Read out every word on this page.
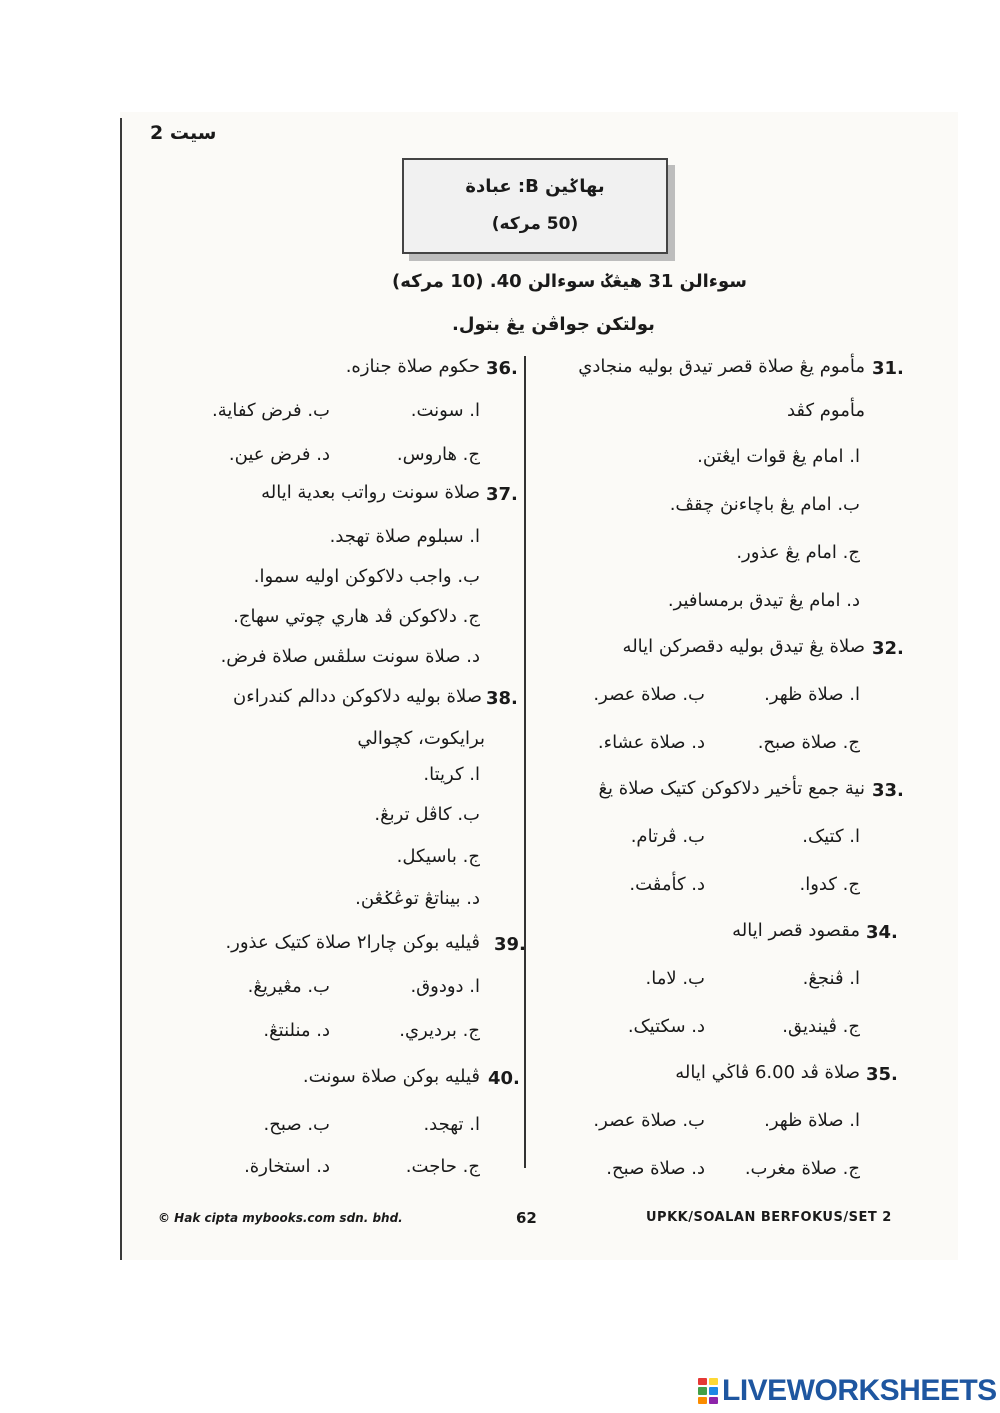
سيت 2
بهاݢين B: عبادة
(50 مركه)
سوءالن 31 هيڠݢ سوءالن 40. (10 مركه)
بولتكن جواڤن يڠ بتول.
31.
مأموم يڠ صلاة قصر تيدق بوليه منجادي
مأموم كڤد
ا. امام يڠ قوات ايڠتن.
ب. امام يڠ باچاءنڽ چقڤ.
ج. امام يڠ عذور.
د. امام يڠ تيدق برمسافير.
32.
صلاة يڠ تيدق بوليه دقصركن اياله
ا. صلاة ظهر.
ب. صلاة عصر.
ج. صلاة صبح.
د. صلاة عشاء.
33.
نية جمع تأخير دلاكوكن كتيک صلاة يڠ
ا. كتيک.
ب. ڤرتام.
ج. كدوا.
د. كأمڤت.
34.
مقصود قصر اياله
ا. ڤنجڠ.
ب. لاما.
ج. ڤينديق.
د. سكتيک.
35.
صلاة ڤد 6.00 ڤاڬي اياله
ا. صلاة ظهر.
ب. صلاة عصر.
ج. صلاة مغرب.
د. صلاة صبح.
36.
حكوم صلاة جنازه.
ا. سونت.
ب. فرض كفاية.
ج. هاروس.
د. فرض عين.
37.
صلاة سونت رواتب بعدية اياله
ا. سبلوم صلاة تهجد.
ب. واجب دلاكوكن اوليه سموا.
ج. دلاكوكن ڤد هاري چوتي سهاج.
د. صلاة سونت سلڤس صلاة فرض.
38.
صلاة بوليه دلاكوكن ددالم كندراءن
برايكوت، كچوالي
ا. كريتا.
ب. كاڤل تربڠ.
ج. باسيكل.
د. بيناتڠ توڠݢڠن.
39.
ڤيليه بوكن چارا٢ صلاة كتيک عذور.
ا. دودوق.
ب. مڠيريڠ.
ج. برديري.
د. منلنتڠ.
40.
ڤيليه بوكن صلاة سونت.
ا. تهجد.
ب. صبح.
ج. حاجت.
د. استخارة.
© Hak cipta mybooks.com sdn. bhd.	62	UPKK/SOALAN BERFOKUS/SET 2
LIVEWORKSHEETS
